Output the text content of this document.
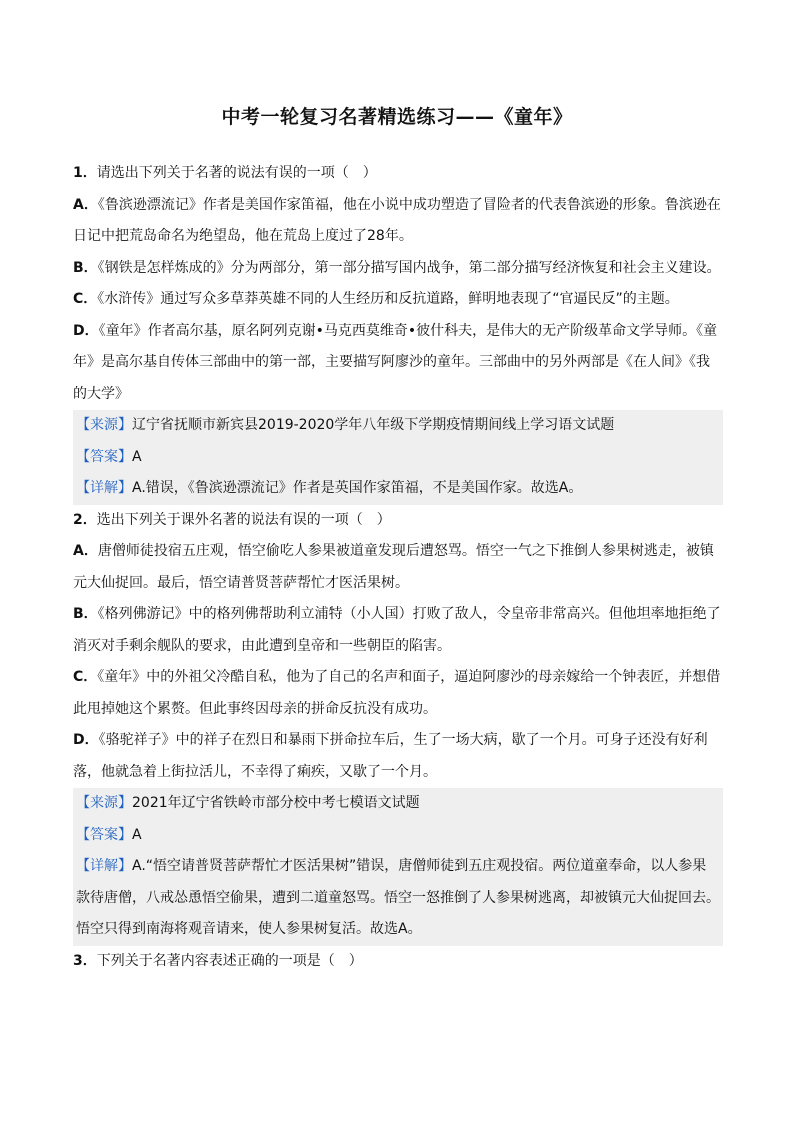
中考一轮复习名著精选练习——《童年》

1．请选出下列关于名著的说法有误的一项（　）

A．《鲁滨逊漂流记》作者是美国作家笛福，他在小说中成功塑造了冒险者的代表鲁滨逊的形象。鲁滨逊在日记中把荒岛命名为绝望岛，他在荒岛上度过了28年。

B．《钢铁是怎样炼成的》分为两部分，第一部分描写国内战争，第二部分描写经济恢复和社会主义建设。

C．《水浒传》通过写众多草莽英雄不同的人生经历和反抗道路，鲜明地表现了“官逼民反”的主题。

D．《童年》作者高尔基，原名阿列克谢•马克西莫维奇•彼什科夫，是伟大的无产阶级革命文学导师。《童年》是高尔基自传体三部曲中的第一部，主要描写阿廖沙的童年。三部曲中的另外两部是《在人间》《我的大学》

【来源】辽宁省抚顺市新宾县2019-2020学年八年级下学期疫情期间线上学习语文试题

【答案】A

【详解】A.错误，《鲁滨逊漂流记》作者是英国作家笛福，不是美国作家。故选A。

2．选出下列关于课外名著的说法有误的一项（　）

A．唐僧师徒投宿五庄观，悟空偷吃人参果被道童发现后遭怒骂。悟空一气之下推倒人参果树逃走，被镇元大仙捉回。最后，悟空请普贤菩萨帮忙才医活果树。

B．《格列佛游记》中的格列佛帮助利立浦特（小人国）打败了敌人，令皇帝非常高兴。但他坦率地拒绝了消灭对手剩余舰队的要求，由此遭到皇帝和一些朝臣的陷害。

C．《童年》中的外祖父冷酷自私，他为了自己的名声和面子，逼迫阿廖沙的母亲嫁给一个钟表匠，并想借此甩掉她这个累赘。但此事终因母亲的拼命反抗没有成功。

D．《骆驼祥子》中的祥子在烈日和暴雨下拼命拉车后，生了一场大病，歇了一个月。可身子还没有好利落，他就急着上街拉活儿，不幸得了痢疾，又歇了一个月。

【来源】2021年辽宁省铁岭市部分校中考七模语文试题

【答案】A

【详解】A.“悟空请普贤菩萨帮忙才医活果树”错误，唐僧师徒到五庄观投宿。两位道童奉命，以人参果款待唐僧，八戒怂恿悟空偷果，遭到二道童怒骂。悟空一怒推倒了人参果树逃离，却被镇元大仙捉回去。悟空只得到南海将观音请来，使人参果树复活。故选A。

3．下列关于名著内容表述正确的一项是（　）
